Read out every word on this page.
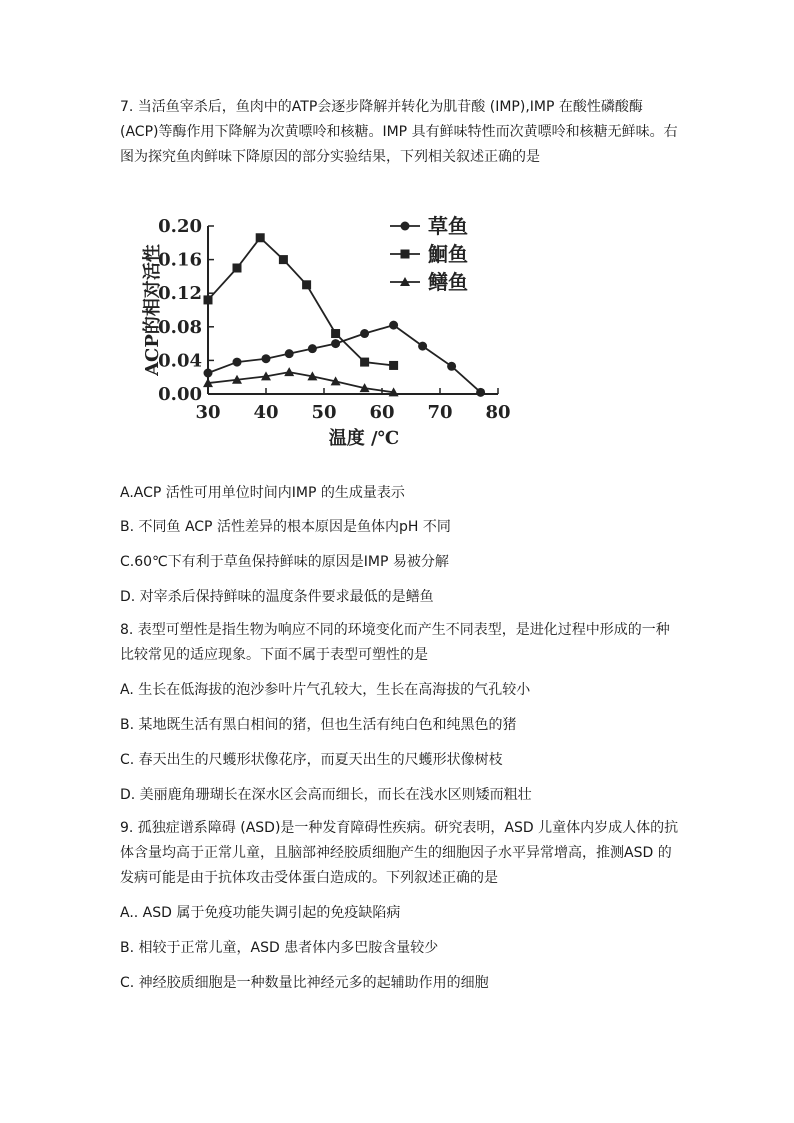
7. 当活鱼宰杀后，鱼肉中的ATP会逐步降解并转化为肌苷酸 (IMP),IMP 在酸性磷酸酶 (ACP)等酶作用下降解为次黄嘌呤和核糖。IMP 具有鲜味特性而次黄嘌呤和核糖无鲜味。右图为探究鱼肉鲜味下降原因的部分实验结果，下列相关叙述正确的是

30 40 50 60 70 80
0.00
0.04
0.08
0.12
0.16
0.20	草鱼
鮰鱼
鳝鱼
ACP的相对活性
温度 /℃

A.ACP 活性可用单位时间内IMP 的生成量表示

B. 不同鱼 ACP 活性差异的根本原因是鱼体内pH 不同

C.60℃下有利于草鱼保持鲜味的原因是IMP 易被分解

D. 对宰杀后保持鲜味的温度条件要求最低的是鳝鱼

8. 表型可塑性是指生物为响应不同的环境变化而产生不同表型，是进化过程中形成的一种比较常见的适应现象。下面不属于表型可塑性的是

A. 生长在低海拔的泡沙参叶片气孔较大，生长在高海拔的气孔较小

B. 某地既生活有黑白相间的猪，但也生活有纯白色和纯黑色的猪

C. 春天出生的尺蠖形状像花序，而夏天出生的尺蠖形状像树枝

D. 美丽鹿角珊瑚长在深水区会高而细长，而长在浅水区则矮而粗壮

9. 孤独症谱系障碍 (ASD)是一种发育障碍性疾病。研究表明，ASD 儿童体内岁成人体的抗体含量均高于正常儿童，且脑部神经胶质细胞产生的细胞因子水平异常增高，推测ASD 的发病可能是由于抗体攻击受体蛋白造成的。下列叙述正确的是

A.. ASD 属于免疫功能失调引起的免疫缺陷病

B. 相较于正常儿童，ASD 患者体内多巴胺含量较少

C. 神经胶质细胞是一种数量比神经元多的起辅助作用的细胞
